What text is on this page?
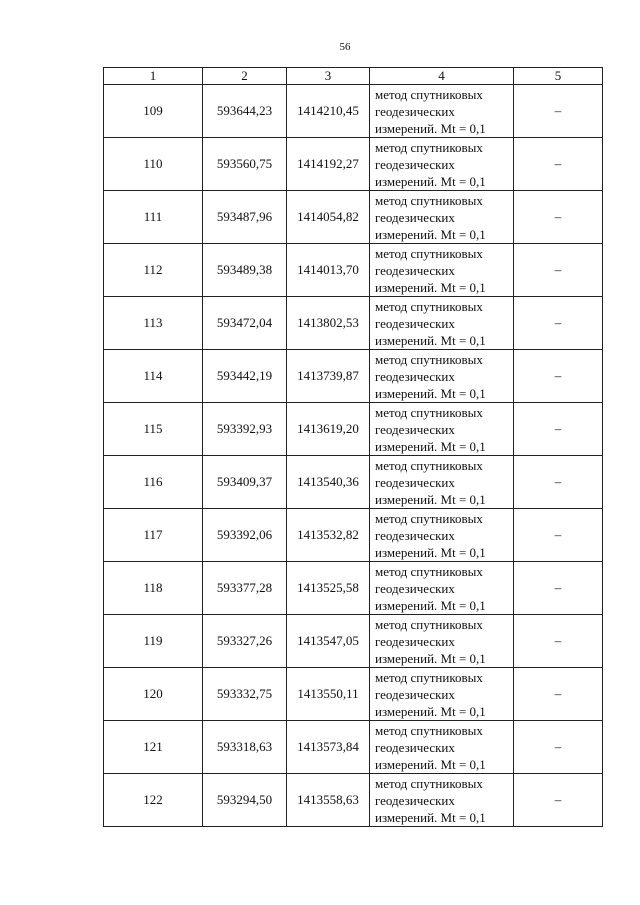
56
1	2	3	4	5
109	593644,23	1414210,45	метод спутниковых
геодезических
измерений. Mt = 0,1	–
110	593560,75	1414192,27	метод спутниковых
геодезических
измерений. Mt = 0,1	–
111	593487,96	1414054,82	метод спутниковых
геодезических
измерений. Mt = 0,1	–
112	593489,38	1414013,70	метод спутниковых
геодезических
измерений. Mt = 0,1	–
113	593472,04	1413802,53	метод спутниковых
геодезических
измерений. Mt = 0,1	–
114	593442,19	1413739,87	метод спутниковых
геодезических
измерений. Mt = 0,1	–
115	593392,93	1413619,20	метод спутниковых
геодезических
измерений. Mt = 0,1	–
116	593409,37	1413540,36	метод спутниковых
геодезических
измерений. Mt = 0,1	–
117	593392,06	1413532,82	метод спутниковых
геодезических
измерений. Mt = 0,1	–
118	593377,28	1413525,58	метод спутниковых
геодезических
измерений. Mt = 0,1	–
119	593327,26	1413547,05	метод спутниковых
геодезических
измерений. Mt = 0,1	–
120	593332,75	1413550,11	метод спутниковых
геодезических
измерений. Mt = 0,1	–
121	593318,63	1413573,84	метод спутниковых
геодезических
измерений. Mt = 0,1	–
122	593294,50	1413558,63	метод спутниковых
геодезических
измерений. Mt = 0,1	–
